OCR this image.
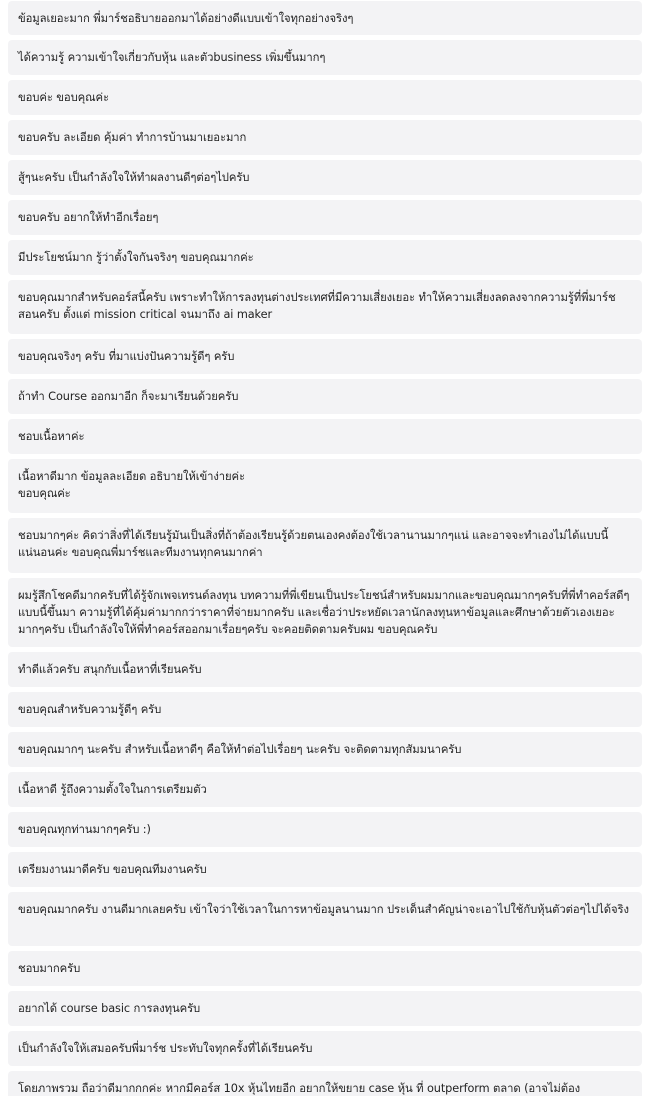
ข้อมูลเยอะมาก พี่มาร์ชอธิบายออกมาได้อย่างดีแบบเข้าใจทุกอย่างจริงๆ
ได้ความรู้ ความเข้าใจเกี่ยวกับหุ้น และตัวbusiness เพิ่มขึ้นมากๆ
ขอบค่ะ ขอบคุณค่ะ
ขอบครับ ละเอียด คุ้มค่า ทำการบ้านมาเยอะมาก
สู้ๆนะครับ เป็นกำลังใจให้ทำผลงานดีๆต่อๆไปครับ
ขอบครับ อยากให้ทำอีกเรื่อยๆ
มีประโยชน์มาก รู้ว่าตั้งใจกันจริงๆ ขอบคุณมากค่ะ
ขอบคุณมากสำหรับคอร์สนี้ครับ เพราะทำให้การลงทุนต่างประเทศที่มีความเสี่ยงเยอะ ทำให้ความเสี่ยงลดลงจากความรู้ที่พี่มาร์ชสอนครับ ตั้งแต่ mission critical จนมาถึง ai maker
ขอบคุณจริงๆ ครับ ที่มาแบ่งปันความรู้ดีๆ ครับ
ถ้าทำ Course ออกมาอีก ก็จะมาเรียนด้วยครับ
ชอบเนื้อหาค่ะ
เนื้อหาดีมาก ข้อมูลละเอียด อธิบายให้เข้าง่ายค่ะ
ขอบคุณค่ะ
ชอบมากๆค่ะ คิดว่าสิ่งที่ได้เรียนรู้มันเป็นสิ่งที่ถ้าต้องเรียนรู้ด้วยตนเองคงต้องใช้เวลานานมากๆแน่ และอาจจะทำเองไม่ได้แบบนี้แน่นอนค่ะ ขอบคุณพี่มาร์ชและทีมงานทุกคนมากค่า
ผมรู้สึกโชคดีมากครับที่ได้รู้จักเพจเทรนด์ลงทุน บทความที่พี่เขียนเป็นประโยชน์สำหรับผมมากและขอบคุณมากๆครับที่พี่ทำคอร์สดีๆแบบนี้ขึ้นมา ความรู้ที่ได้คุ้มค่ามากกว่าราคาที่จ่ายมากครับ และเชื่อว่าประหยัดเวลานักลงทุนหาข้อมูลและศึกษาด้วยตัวเองเยอะมากๆครับ เป็นกำลังใจให้พี่ทำคอร์สออกมาเรื่อยๆครับ จะคอยติดตามครับผม ขอบคุณครับ
ทำดีแล้วครับ สนุกกับเนื้อหาที่เรียนครับ
ขอบคุณสำหรับความรู้ดีๆ ครับ
ขอบคุณมากๆ นะครับ สำหรับเนื้อหาดีๆ คือให้ทำต่อไปเรื่อยๆ นะครับ จะติดตามทุกสัมมนาครับ
เนื้อหาดี รู้ถึงความตั้งใจในการเตรียมตัว
ขอบคุณทุกท่านมากๆครับ :)
เตรียมงานมาดีครับ ขอบคุณทีมงานครับ
ขอบคุณมากครับ งานดีมากเลยครับ เข้าใจว่าใช้เวลาในการหาข้อมูลนานมาก ประเด็นสำคัญน่าจะเอาไปใช้กับหุ้นตัวต่อๆไปได้จริง
ชอบมากครับ
อยากได้ course basic การลงทุนครับ
เป็นกำลังใจให้เสมอครับพี่มาร์ช ประทับใจทุกครั้งที่ได้เรียนครับ
โดยภาพรวม ถือว่าดีมากกกค่ะ หากมีคอร์ส 10x หุ้นไทยอีก อยากให้ขยาย case หุ้น ที่ outperform ตลาด (อาจไม่ต้อง
